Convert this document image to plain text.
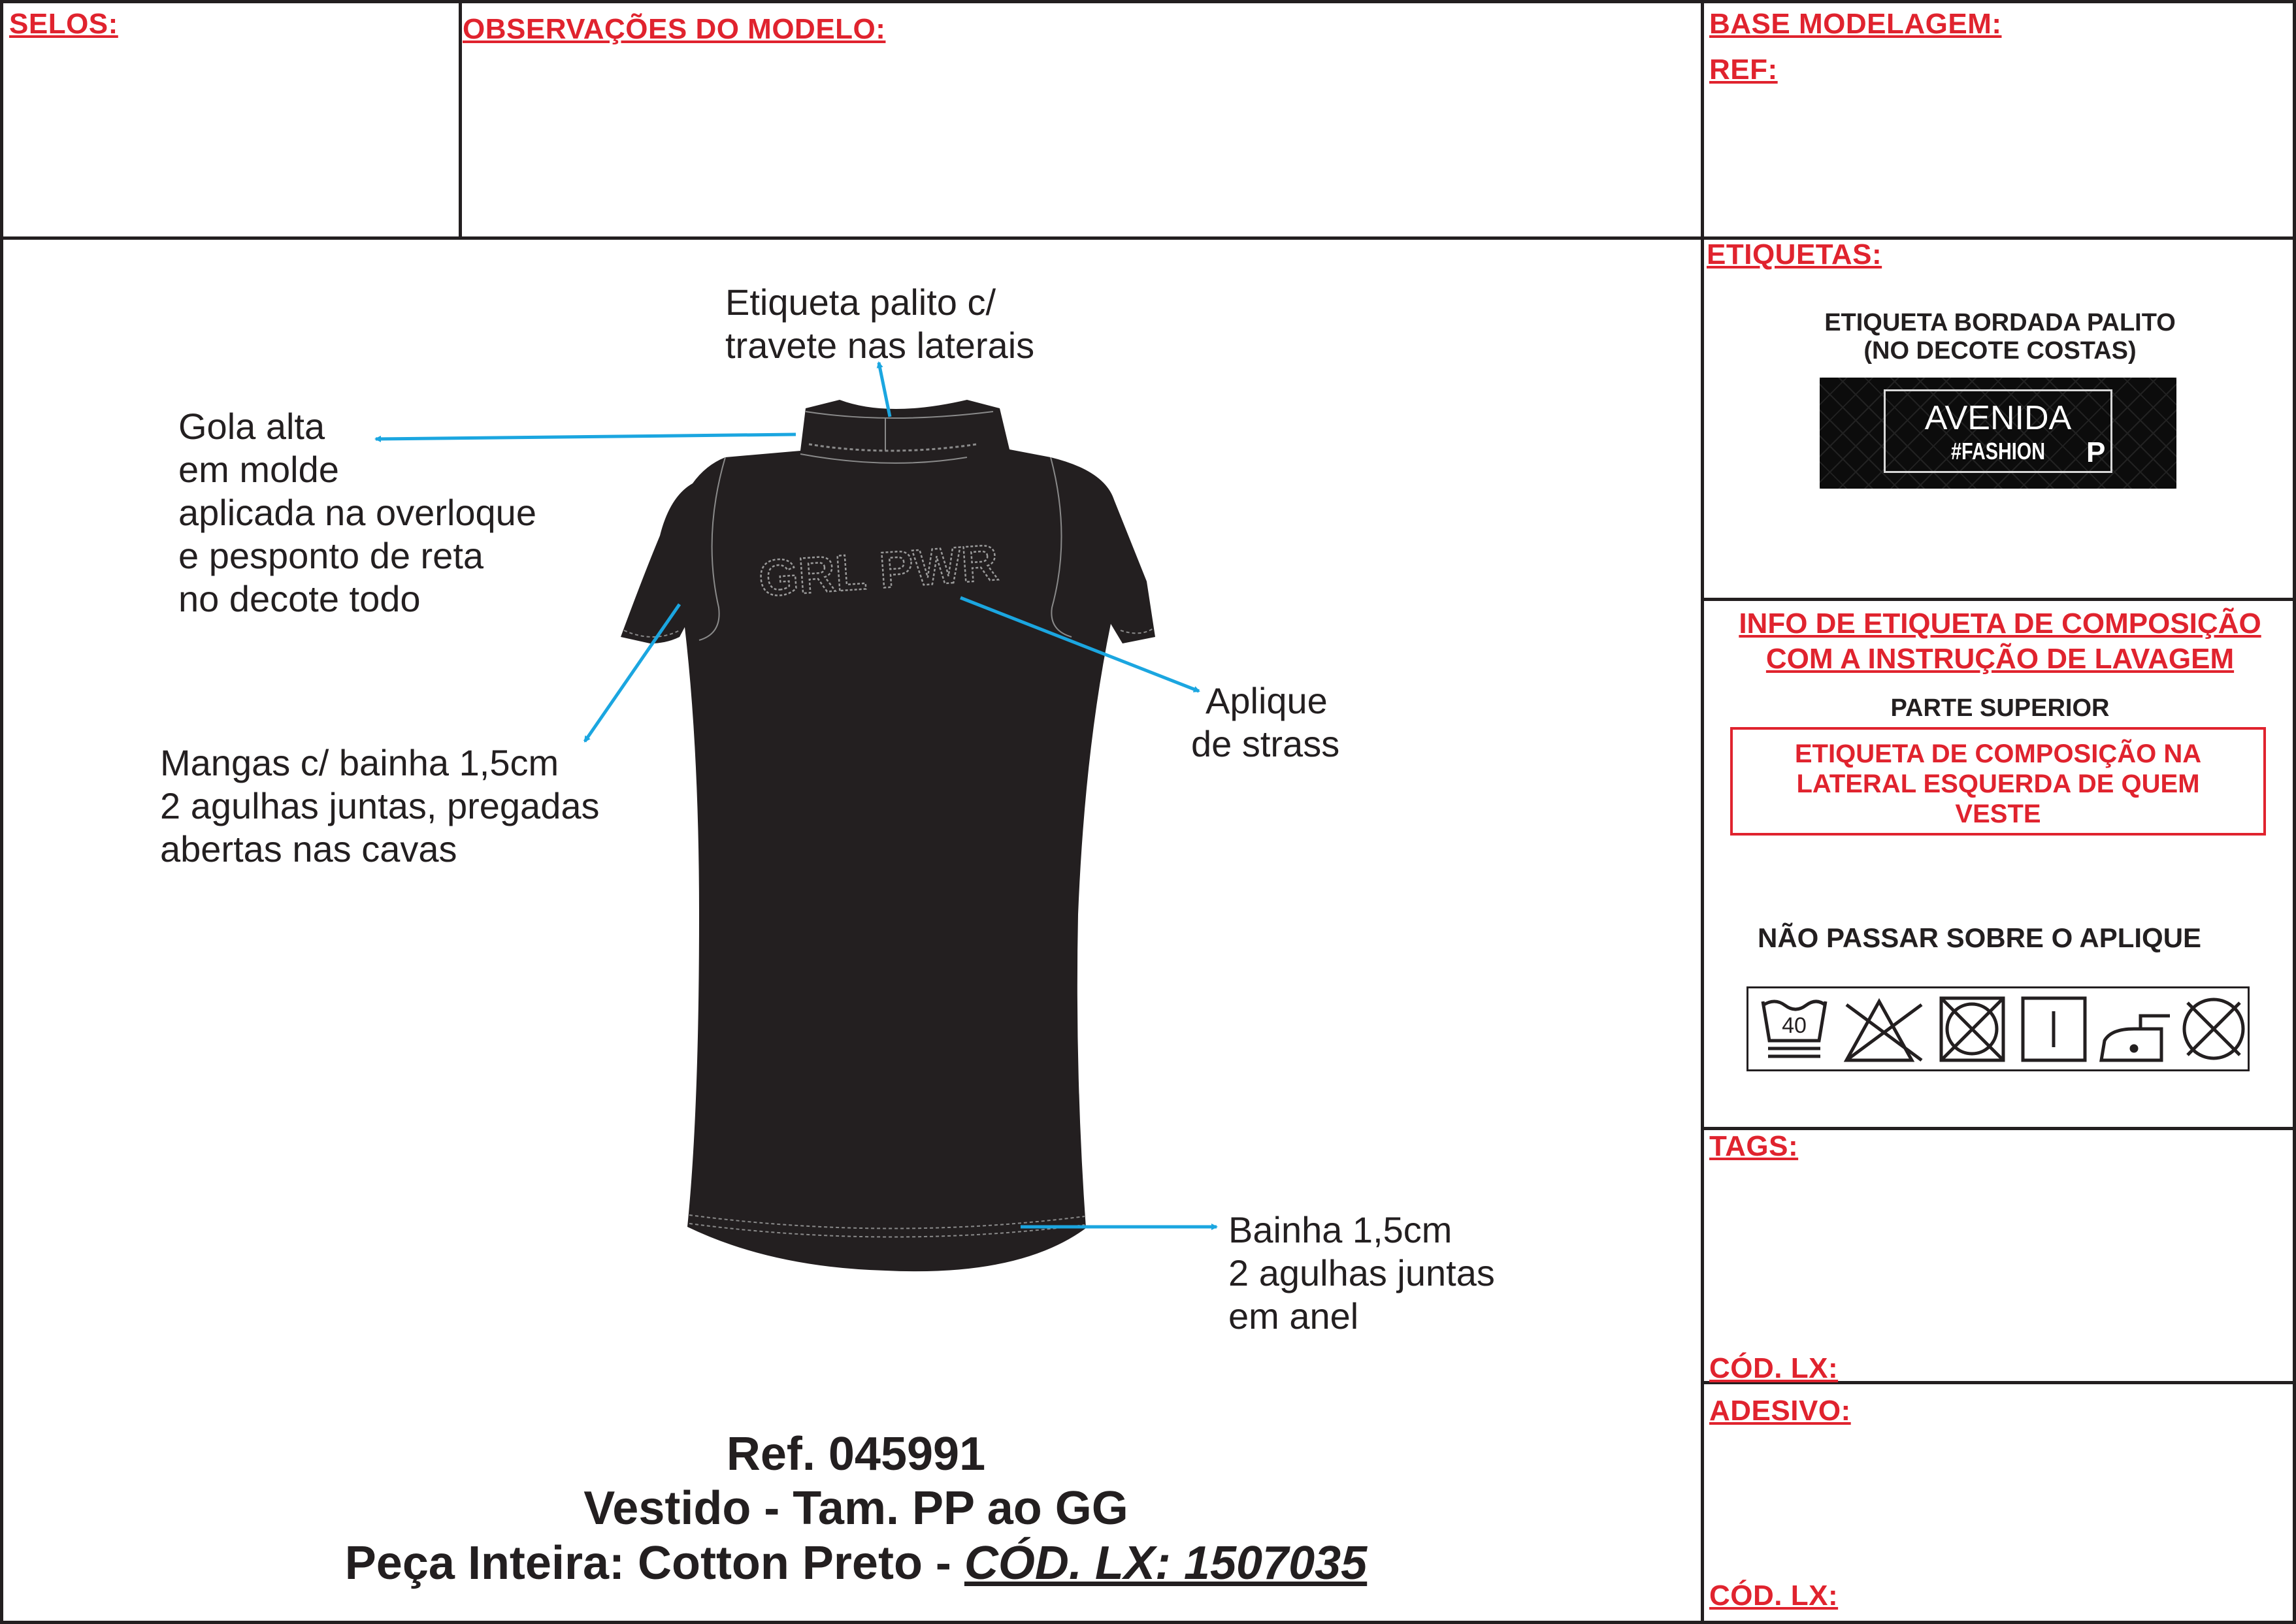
SELOS:	OBSERVAÇÕES DO MODELO:	BASE MODELAGEM:
REF:
GRL PWR
Etiqueta palito c/
travete nas laterais
Gola alta
em molde
aplicada na overloque
e pesponto de reta
no decote todo
Mangas c/ bainha 1,5cm
2 agulhas juntas, pregadas
abertas nas cavas
Aplique
de strass
Bainha 1,5cm
2 agulhas juntas
em anel
Ref. 045991
Vestido - Tam. PP ao GG
Peça Inteira: Cotton Preto - CÓD. LX: 1507035
ETIQUETAS:
ETIQUETA BORDADA PALITO
(NO DECOTE COSTAS)
AVENIDA
#FASHION	P
INFO DE ETIQUETA DE COMPOSIÇÃO
COM A INSTRUÇÃO DE LAVAGEM
PARTE SUPERIOR
ETIQUETA DE COMPOSIÇÃO NA
LATERAL ESQUERDA DE QUEM
VESTE
NÃO PASSAR SOBRE O APLIQUE
40
TAGS:
CÓD. LX:
ADESIVO:
CÓD. LX:
